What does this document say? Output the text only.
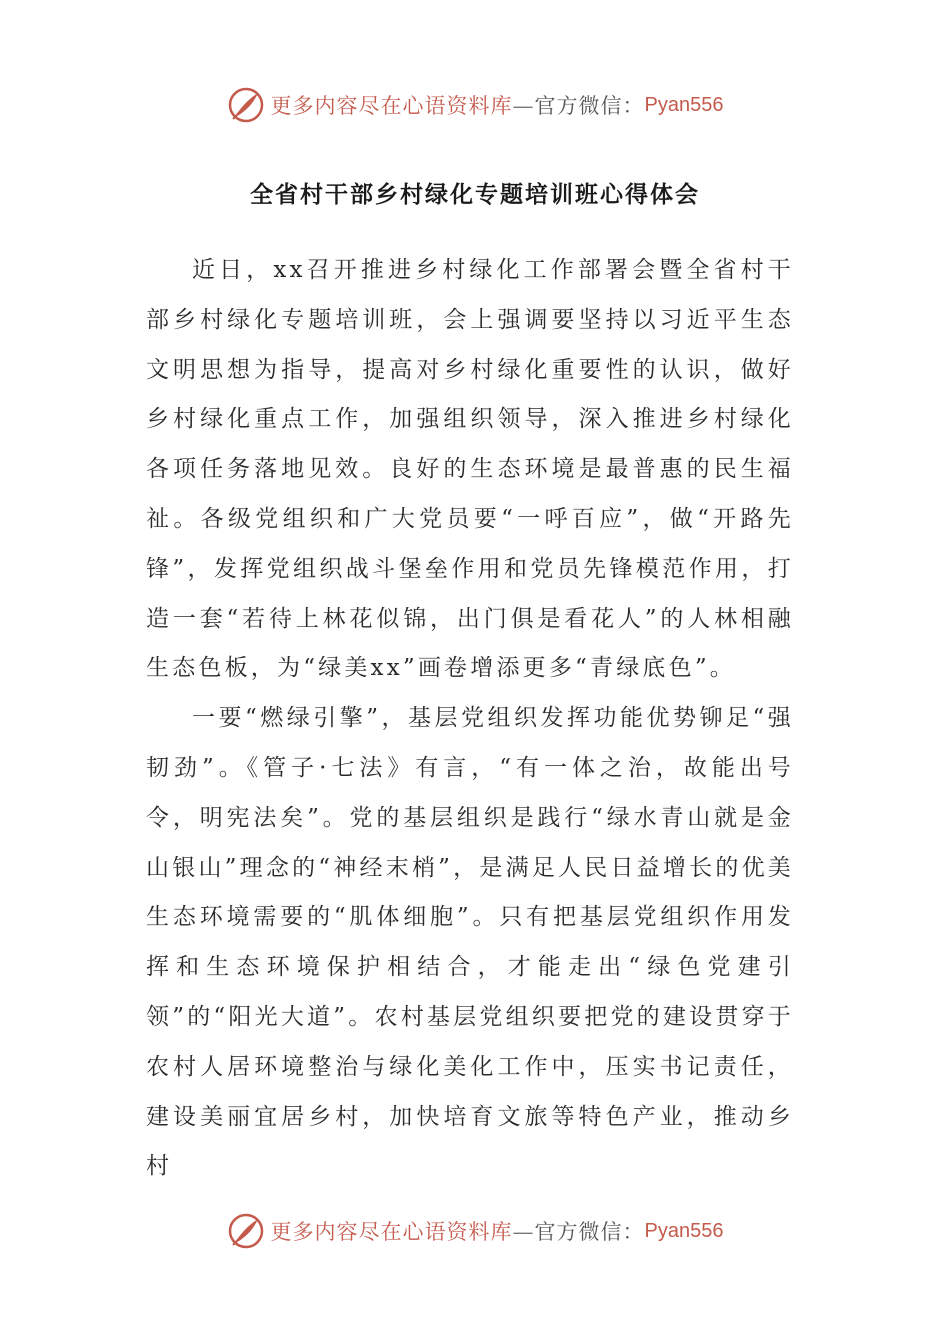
更多内容尽在心语资料库—官方微信： Pyan556
全省村干部乡村绿化专题培训班心得体会

近日，xx召开推进乡村绿化工作部署会暨全省村干部乡村绿化专题培训班，会上强调要坚持以习近平生态文明思想为指导，提高对乡村绿化重要性的认识，做好乡村绿化重点工作，加强组织领导，深入推进乡村绿化各项任务落地见效。良好的生态环境是最普惠的民生福祉。各级党组织和广大党员要“一呼百应”，做“开路先锋”，发挥党组织战斗堡垒作用和党员先锋模范作用，打造一套“若待上林花似锦，出门俱是看花人”的人林相融生态色板，为“绿美xx”画卷增添更多“青绿底色”。

一要“燃绿引擎”，基层党组织发挥功能优势铆足“强韧劲”。《管子·七法》有言，“有一体之治，故能出号令，明宪法矣”。党的基层组织是践行“绿水青山就是金山银山”理念的“神经末梢”，是满足人民日益增长的优美生态环境需要的“肌体细胞”。只有把基层党组织作用发挥和生态环境保护相结合，才能走出“绿色党建引领”的“阳光大道”。农村基层党组织要把党的建设贯穿于农村人居环境整治与绿化美化工作中，压实书记责任，建设美丽宜居乡村，加快培育文旅等特色产业，推动乡村

更多内容尽在心语资料库—官方微信： Pyan556
